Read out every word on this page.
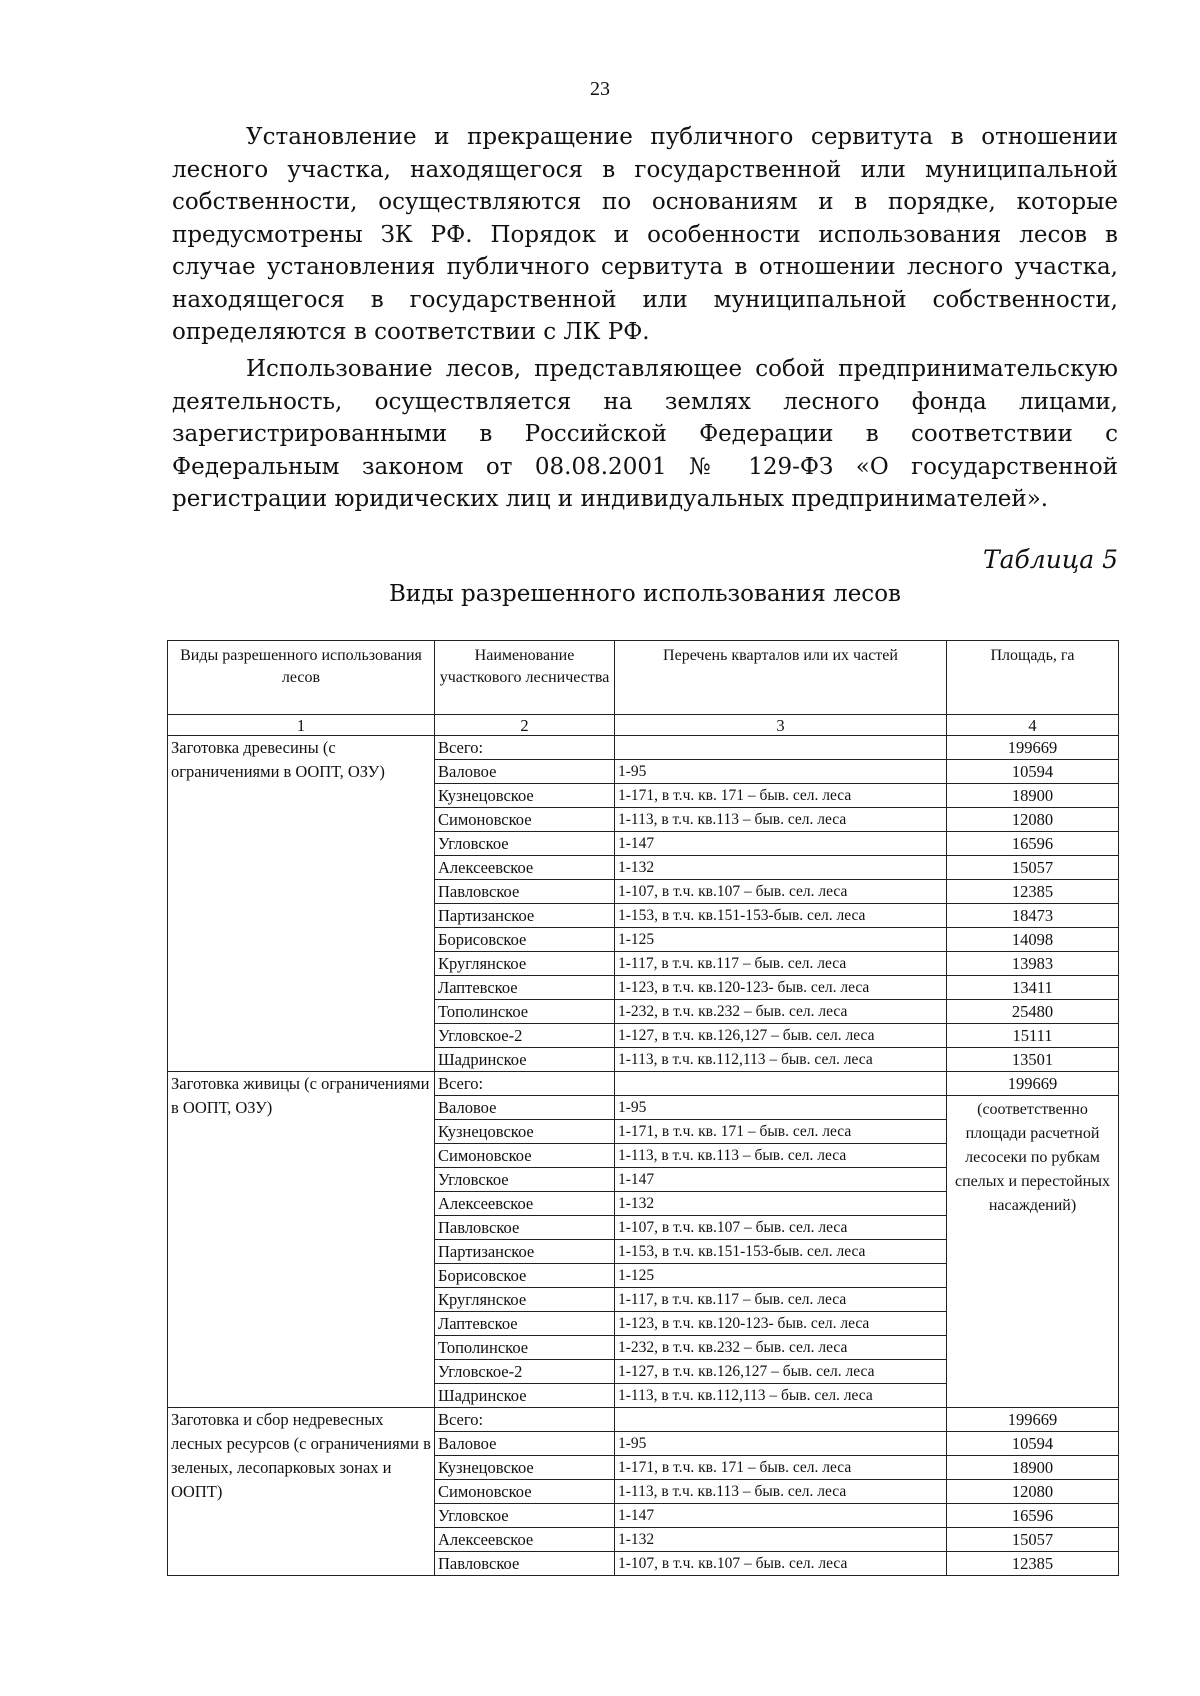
23
Установление и прекращение публичного сервитута в отношении лесного участка, находящегося в государственной или муниципальной собственности, осуществляются по основаниям и в порядке, которые предусмотрены ЗК РФ. Порядок и особенности использования лесов в случае установления публичного сервитута в отношении лесного участка, находящегося в государственной или муниципальной собственности, определяются в соответствии с ЛК РФ.
Использование лесов, представляющее собой предпринимательскую деятельность, осуществляется на землях лесного фонда лицами, зарегистрированными в Российской Федерации в соответствии с Федеральным законом от 08.08.2001 № 129-ФЗ «О государственной регистрации юридических лиц и индивидуальных предпринимателей».
Таблица 5
Виды разрешенного использования лесов
Виды разрешенного использования лесов	Наименование участкового лесничества	Перечень кварталов или их частей	Площадь, га
1	2	3	4
Заготовка древесины (с ограничениями в ООПТ, ОЗУ)	Всего:		199669
	Валовое	1-95	10594
	Кузнецовское	1-171, в т.ч. кв. 171 – быв. сел. леса	18900
	Симоновское	1-113, в т.ч. кв.113 – быв. сел. леса	12080
	Угловское	1-147	16596
	Алексеевское	1-132	15057
	Павловское	1-107, в т.ч. кв.107 – быв. сел. леса	12385
	Партизанское	1-153, в т.ч. кв.151-153-быв. сел. леса	18473
	Борисовское	1-125	14098
	Круглянское	1-117, в т.ч. кв.117 – быв. сел. леса	13983
	Лаптевское	1-123, в т.ч. кв.120-123- быв. сел. леса	13411
	Тополинское	1-232, в т.ч. кв.232 – быв. сел. леса	25480
	Угловское-2	1-127, в т.ч. кв.126,127 – быв. сел. леса	15111
	Шадринское	1-113, в т.ч. кв.112,113 – быв. сел. леса	13501
Заготовка живицы (с ограничениями в ООПТ, ОЗУ)	Всего:		199669
	Валовое	1-95	(соответственно площади расчетной лесосеки по рубкам спелых и перестойных насаждений)
	Кузнецовское	1-171, в т.ч. кв. 171 – быв. сел. леса	
	Симоновское	1-113, в т.ч. кв.113 – быв. сел. леса	
	Угловское	1-147	
	Алексеевское	1-132	
	Павловское	1-107, в т.ч. кв.107 – быв. сел. леса	
	Партизанское	1-153, в т.ч. кв.151-153-быв. сел. леса	
	Борисовское	1-125	
	Круглянское	1-117, в т.ч. кв.117 – быв. сел. леса	
	Лаптевское	1-123, в т.ч. кв.120-123- быв. сел. леса	
	Тополинское	1-232, в т.ч. кв.232 – быв. сел. леса	
	Угловское-2	1-127, в т.ч. кв.126,127 – быв. сел. леса	
	Шадринское	1-113, в т.ч. кв.112,113 – быв. сел. леса	
Заготовка и сбор недревесных лесных ресурсов (с ограничениями в зеленых, лесопарковых зонах и ООПТ)	Всего:		199669
	Валовое	1-95	10594
	Кузнецовское	1-171, в т.ч. кв. 171 – быв. сел. леса	18900
	Симоновское	1-113, в т.ч. кв.113 – быв. сел. леса	12080
	Угловское	1-147	16596
	Алексеевское	1-132	15057
	Павловское	1-107, в т.ч. кв.107 – быв. сел. леса	12385
